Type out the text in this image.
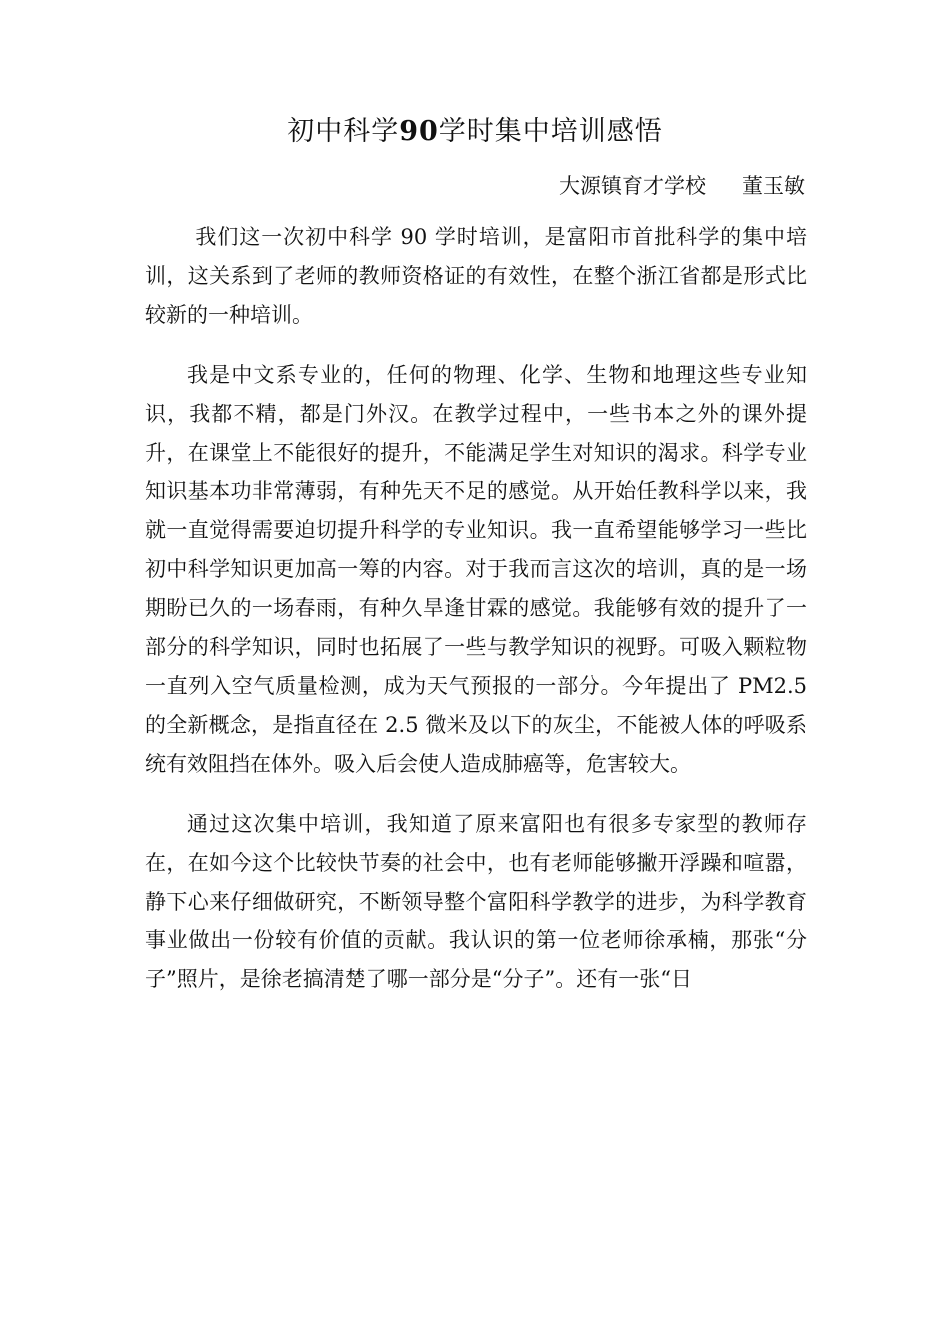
初中科学90学时集中培训感悟
大源镇育才学校 董玉敏

我们这一次初中科学 90 学时培训，是富阳市首批科学的集中培训，这关系到了老师的教师资格证的有效性，在整个浙江省都是形式比较新的一种培训。

我是中文系专业的，任何的物理、化学、生物和地理这些专业知识，我都不精，都是门外汉。在教学过程中，一些书本之外的课外提升，在课堂上不能很好的提升，不能满足学生对知识的渴求。科学专业知识基本功非常薄弱，有种先天不足的感觉。从开始任教科学以来，我就一直觉得需要迫切提升科学的专业知识。我一直希望能够学习一些比初中科学知识更加高一筹的内容。对于我而言这次的培训，真的是一场期盼已久的一场春雨，有种久旱逢甘霖的感觉。我能够有效的提升了一部分的科学知识，同时也拓展了一些与教学知识的视野。可吸入颗粒物一直列入空气质量检测，成为天气预报的一部分。今年提出了 PM2.5 的全新概念，是指直径在 2.5 微米及以下的灰尘，不能被人体的呼吸系统有效阻挡在体外。吸入后会使人造成肺癌等，危害较大。

通过这次集中培训，我知道了原来富阳也有很多专家型的教师存在，在如今这个比较快节奏的社会中，也有老师能够撇开浮躁和喧嚣，静下心来仔细做研究，不断领导整个富阳科学教学的进步，为科学教育事业做出一份较有价值的贡献。我认识的第一位老师徐承楠，那张“分子”照片，是徐老搞清楚了哪一部分是“分子”。还有一张“日
